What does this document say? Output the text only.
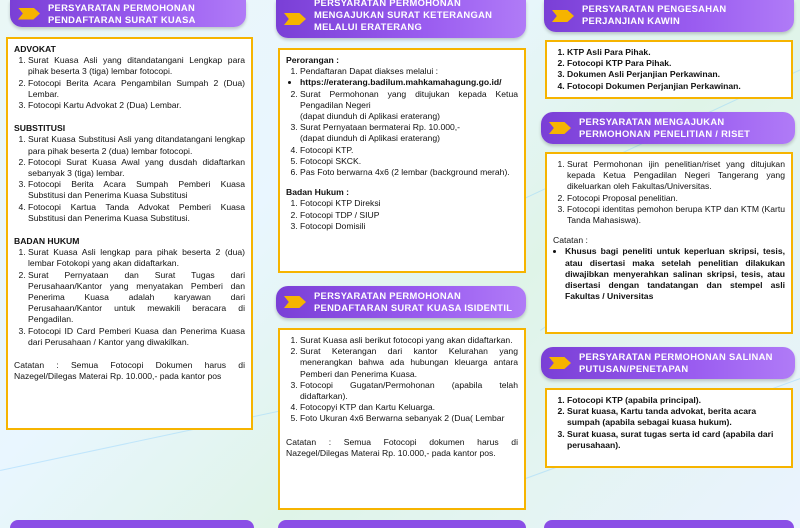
PERSYARATAN PERMOHONAN
PENDAFTARAN SURAT KUASA
ADVOKAT
1. Surat Kuasa Asli yang ditandatangani Lengkap para pihak beserta 3 (tiga) lembar fotocopi.
2. Fotocopi Berita Acara Pengambilan Sumpah 2 (Dua) Lembar.
3. Fotocopi Kartu Advokat 2 (Dua) Lembar.
SUBSTITUSI
1. Surat Kuasa Substitusi Asli yang ditandatangani lengkap para pihak beserta 2 (dua) lembar fotocopi.
2. Fotocopi Surat Kuasa Awal yang dusdah didaftarkan sebanyak 3 (tiga) lembar.
3. Fotocopi Berita Acara Sumpah Pemberi Kuasa Substitusi dan Penerima Kuasa Substitusi
4. Fotocopi Kartua Tanda Advokat Pemberi Kuasa Substitusi dan Penerima Kuasa Substitusi.
BADAN HUKUM
1. Surat Kuasa Asli lengkap para pihak beserta 2 (dua) lembar Fotokopi yang akan didaftarkan.
2. Surat Pernyataan dan Surat Tugas dari Perusahaan/Kantor yang menyatakan Pemberi dan Penerima Kuasa adalah karyawan dari Perusahaan/Kantor untuk mewakili beracara di Pengadilan.
3. Fotocopi ID Card Pemberi Kuasa dan Penerima Kuasa dari Perusahaan / Kantor yang diwakilkan.
Catatan : Semua Fotocopi Dokumen harus di Nazegel/Dilegas Materai Rp. 10.000,- pada kantor pos
PERSYARATAN PERMOHONAN
MENGAJUKAN SURAT KETERANGAN
MELALUI ERATERANG
Perorangan :
1. Pendaftaran Dapat diakses melalui :
• https://eraterang.badilum.mahkamahagung.go.id/
2. Surat Permohonan yang ditujukan kepada Ketua Pengadilan Negeri
(dapat diunduh di Aplikasi eraterang)
3. Surat Pernyataan bermaterai Rp. 10.000,-
(dapat diunduh di Aplikasi eraterang)
4. Fotocopi KTP.
5. Fotocopi SKCK.
6. Pas Foto berwarna 4x6 (2 lembar (background merah).
Badan Hukum :
1. Fotocopi KTP Direksi
2. Fotocopi TDP / SIUP
3. Fotocopi Domisili
PERSYARATAN PERMOHONAN
PENDAFTARAN SURAT KUASA ISIDENTIL
1. Surat Kuasa asli berikut fotocopi yang akan didaftarkan.
2. Surat Keterangan dari kantor Kelurahan yang menerangkan bahwa ada hubungan kleuarga antara Pemberi dan Penerima Kuasa.
3. Fotocopi Gugatan/Permohonan (apabila telah didaftarkan).
4. Fotocopyi KTP dan Kartu Keluarga.
5. Foto Ukuran 4x6 Berwarna sebanyak 2 (Dua( Lembar
Catatan : Semua Fotocopi dokumen harus di Nazegel/Dilegas Materai Rp. 10.000,- pada kantor pos.
PERSYARATAN PENGESAHAN
PERJANJIAN KAWIN
1. KTP Asli Para Pihak.
2. Fotocopi KTP Para Pihak.
3. Dokumen Asli Perjanjian Perkawinan.
4. Fotocopi Dokumen Perjanjian Perkawinan.
PERSYARATAN MENGAJUKAN
PERMOHONAN PENELITIAN / RISET
1. Surat Permohonan ijin penelitian/riset yang ditujukan kepada Ketua Pengadilan Negeri Tangerang yang dikeluarkan oleh Fakultas/Universitas.
2. Fotocopi Proposal penelitian.
3. Fotocopi identitas pemohon berupa KTP dan KTM (Kartu Tanda Mahasiswa).
Catatan :
• Khusus bagi peneliti untuk keperluan skripsi, tesis, atau disertasi maka setelah penelitian dilakukan diwajibkan menyerahkan salinan skripsi, tesis, atau disertasi dengan tandatangan dan stempel asli Fakultas / Universitas
PERSYARATAN PERMOHONAN SALINAN
PUTUSAN/PENETAPAN
1. Fotocopi KTP (apabila principal).
2. Surat kuasa, Kartu tanda advokat, berita acara sumpah (apabila sebagai kuasa hukum).
3. Surat kuasa, surat tugas serta id card (apabila dari perusahaan).
